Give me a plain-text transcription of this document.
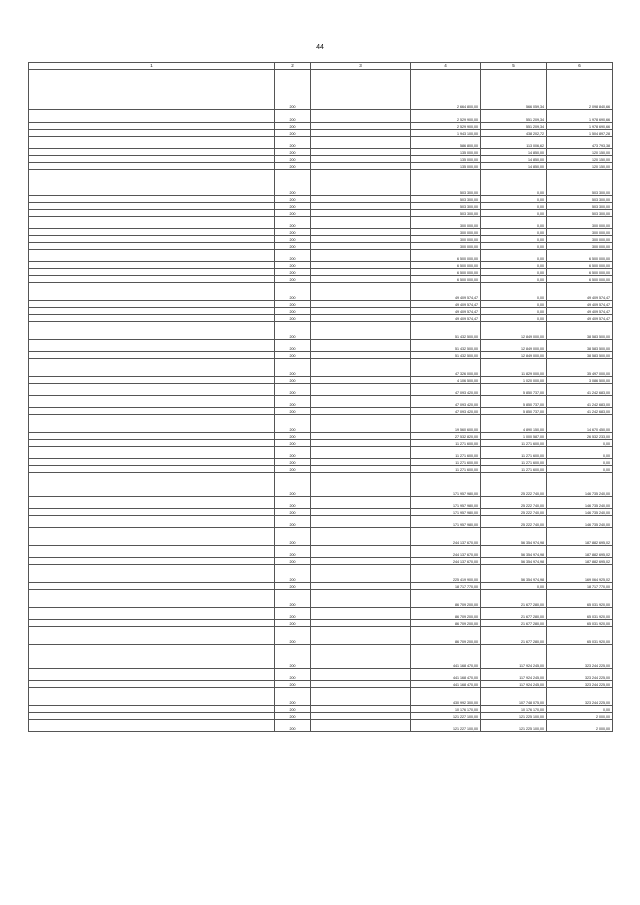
44
1	2	3	4	5	6
	200		2 664 800,00	566 059,34	2 098 840,66
	200		2 529 900,00	551 209,34	1 978 690,66
	200		2 529 900,00	551 209,34	1 978 690,66
	200		1 943 100,00	438 202,72	1 504 897,28
	200		586 800,00	113 006,62	473 793,38
	200		135 000,00	14 850,00	120 150,00
	200		135 000,00	14 850,00	120 150,00
	200		135 000,00	14 850,00	120 150,00
	200		503 300,00	0,00	503 300,00
	200		503 300,00	0,00	503 300,00
	200		503 300,00	0,00	503 300,00
	200		503 300,00	0,00	503 300,00
	200		300 000,00	0,00	300 000,00
	200		300 000,00	0,00	300 000,00
	200		300 000,00	0,00	300 000,00
	200		300 000,00	0,00	300 000,00
	200		6 500 000,00	0,00	6 500 000,00
	200		6 500 000,00	0,00	6 500 000,00
	200		6 500 000,00	0,00	6 500 000,00
	200		6 500 000,00	0,00	6 500 000,00
	200		49 409 574,47	0,00	49 409 574,47
	200		49 409 574,47	0,00	49 409 574,47
	200		49 409 574,47	0,00	49 409 574,47
	200		49 409 574,47	0,00	49 409 574,47
	200		51 432 500,00	12 849 000,00	38 583 500,00
	200		51 432 500,00	12 849 000,00	38 583 500,00
	200		51 432 500,00	12 849 000,00	38 583 500,00
	200		47 326 000,00	11 829 000,00	35 497 000,00
	200		4 106 500,00	1 020 000,00	3 086 500,00
	200		47 093 420,00	5 850 737,00	41 242 683,00
	200		47 093 420,00	5 850 737,00	41 242 683,00
	200		47 093 420,00	5 850 737,00	41 242 683,00
	200		19 560 600,00	4 890 150,00	14 670 450,00
	200		27 532 820,00	1 000 587,00	26 532 233,00
	200		11 271 600,00	11 271 600,00	0,00
	200		11 271 600,00	11 271 600,00	0,00
	200		11 271 600,00	11 271 600,00	0,00
	200		11 271 600,00	11 271 600,00	0,00
	200		171 957 980,00	25 222 740,00	146 735 240,00
	200		171 957 980,00	25 222 740,00	146 735 240,00
	200		171 957 980,00	25 222 740,00	146 735 240,00
	200		171 957 980,00	25 222 740,00	146 735 240,00
	200		244 137 670,00	56 354 974,98	187 882 695,02
	200		244 137 670,00	56 354 974,98	187 882 695,02
	200		244 137 670,00	56 354 974,98	187 882 695,02
	200		225 419 900,00	56 354 974,98	169 064 925,02
	200		18 717 770,00	0,00	18 717 770,00
	200		86 709 200,00	21 677 280,00	65 031 920,00
	200		86 709 200,00	21 677 280,00	65 031 920,00
	200		86 709 200,00	21 677 280,00	65 031 920,00
	200		86 709 200,00	21 677 280,00	65 031 920,00
	200		441 168 470,00	117 924 245,00	323 244 225,00
	200		441 168 470,00	117 924 245,00	323 244 225,00
	200		441 168 470,00	117 924 245,00	323 244 225,00
	200		430 992 300,00	107 748 075,00	323 244 225,00
	200		10 176 170,00	10 176 170,00	0,00
	200		121 227 100,00	121 225 100,00	2 000,00
	200		121 227 100,00	121 225 100,00	2 000,00
